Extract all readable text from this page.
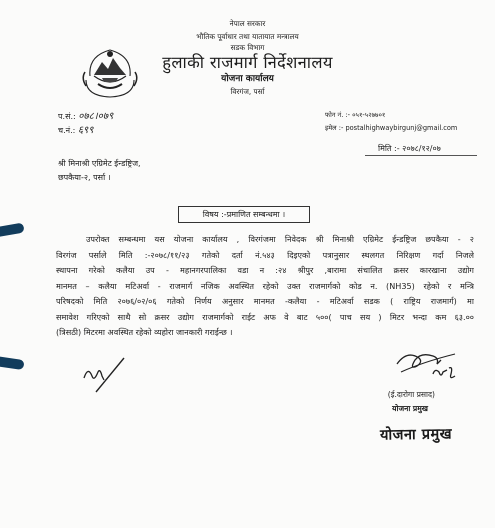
नेपाल सरकार
भौतिक पूर्वाधार तथा यातायात मन्त्रालय
सडक विभाग
हुलाकी राजमार्ग निर्देशनालय
योजना कार्यालय
विरगंज, पर्सा
प.सं.: ०७८।०७९
च.नं.: ६९९
फोन नं. :- ०५१-५२७७०१
इमेल :- postalhighwaybirgunj@gmail.com
मिति :- २०७८/१२/०७
श्री मिनाश्री एग्रिमेट ईन्डष्ट्रिज,
छपकैया-२, पर्सा ।
विषय :-प्रमाणित सम्बन्धमा ।
उपरोक्त सम्बन्धमा यस योजना कार्यालय , विरगंजमा निवेदक श्री मिनाश्री एग्रिमेट ईन्डष्ट्रिज छपकैया - २
विरगंज पर्साले मिति :-२०७८/११/२३ गतेको दर्ता नं.५४३ दिइएको पत्रानुसार स्थलगत निरिक्षण गर्दा निजले
स्थापना गरेको कलैया उप - महानगरपालिका वडा न :२४ श्रीपुर ,बारामा संचालित क्रसर कारखाना उद्योग
मानमत – कलैया मटिअर्वा - राजमार्ग नजिक अवस्थित रहेको उक्त राजमार्गको कोड न. (NH35) रहेको र मन्त्रि
परिषदको मिति २०७६/०२/०६ गतेको निर्णय अनुसार मानमत -कलैया - मटिअर्वा सडक ( राष्ट्रिय राजमार्ग) मा
समावेश गरिएको साथै सो क्रसर उद्योग राजमार्गको राईट अफ वे बाट ५००( पाच सय ) मिटर भन्दा कम ६३.००
(त्रिसठी) मिटरमा अवस्थित रहेको व्यहोरा जानकारी गराईन्छ ।
(ई.दारोगा प्रसाद)
योजना प्रमुख
योजना प्रमुख
